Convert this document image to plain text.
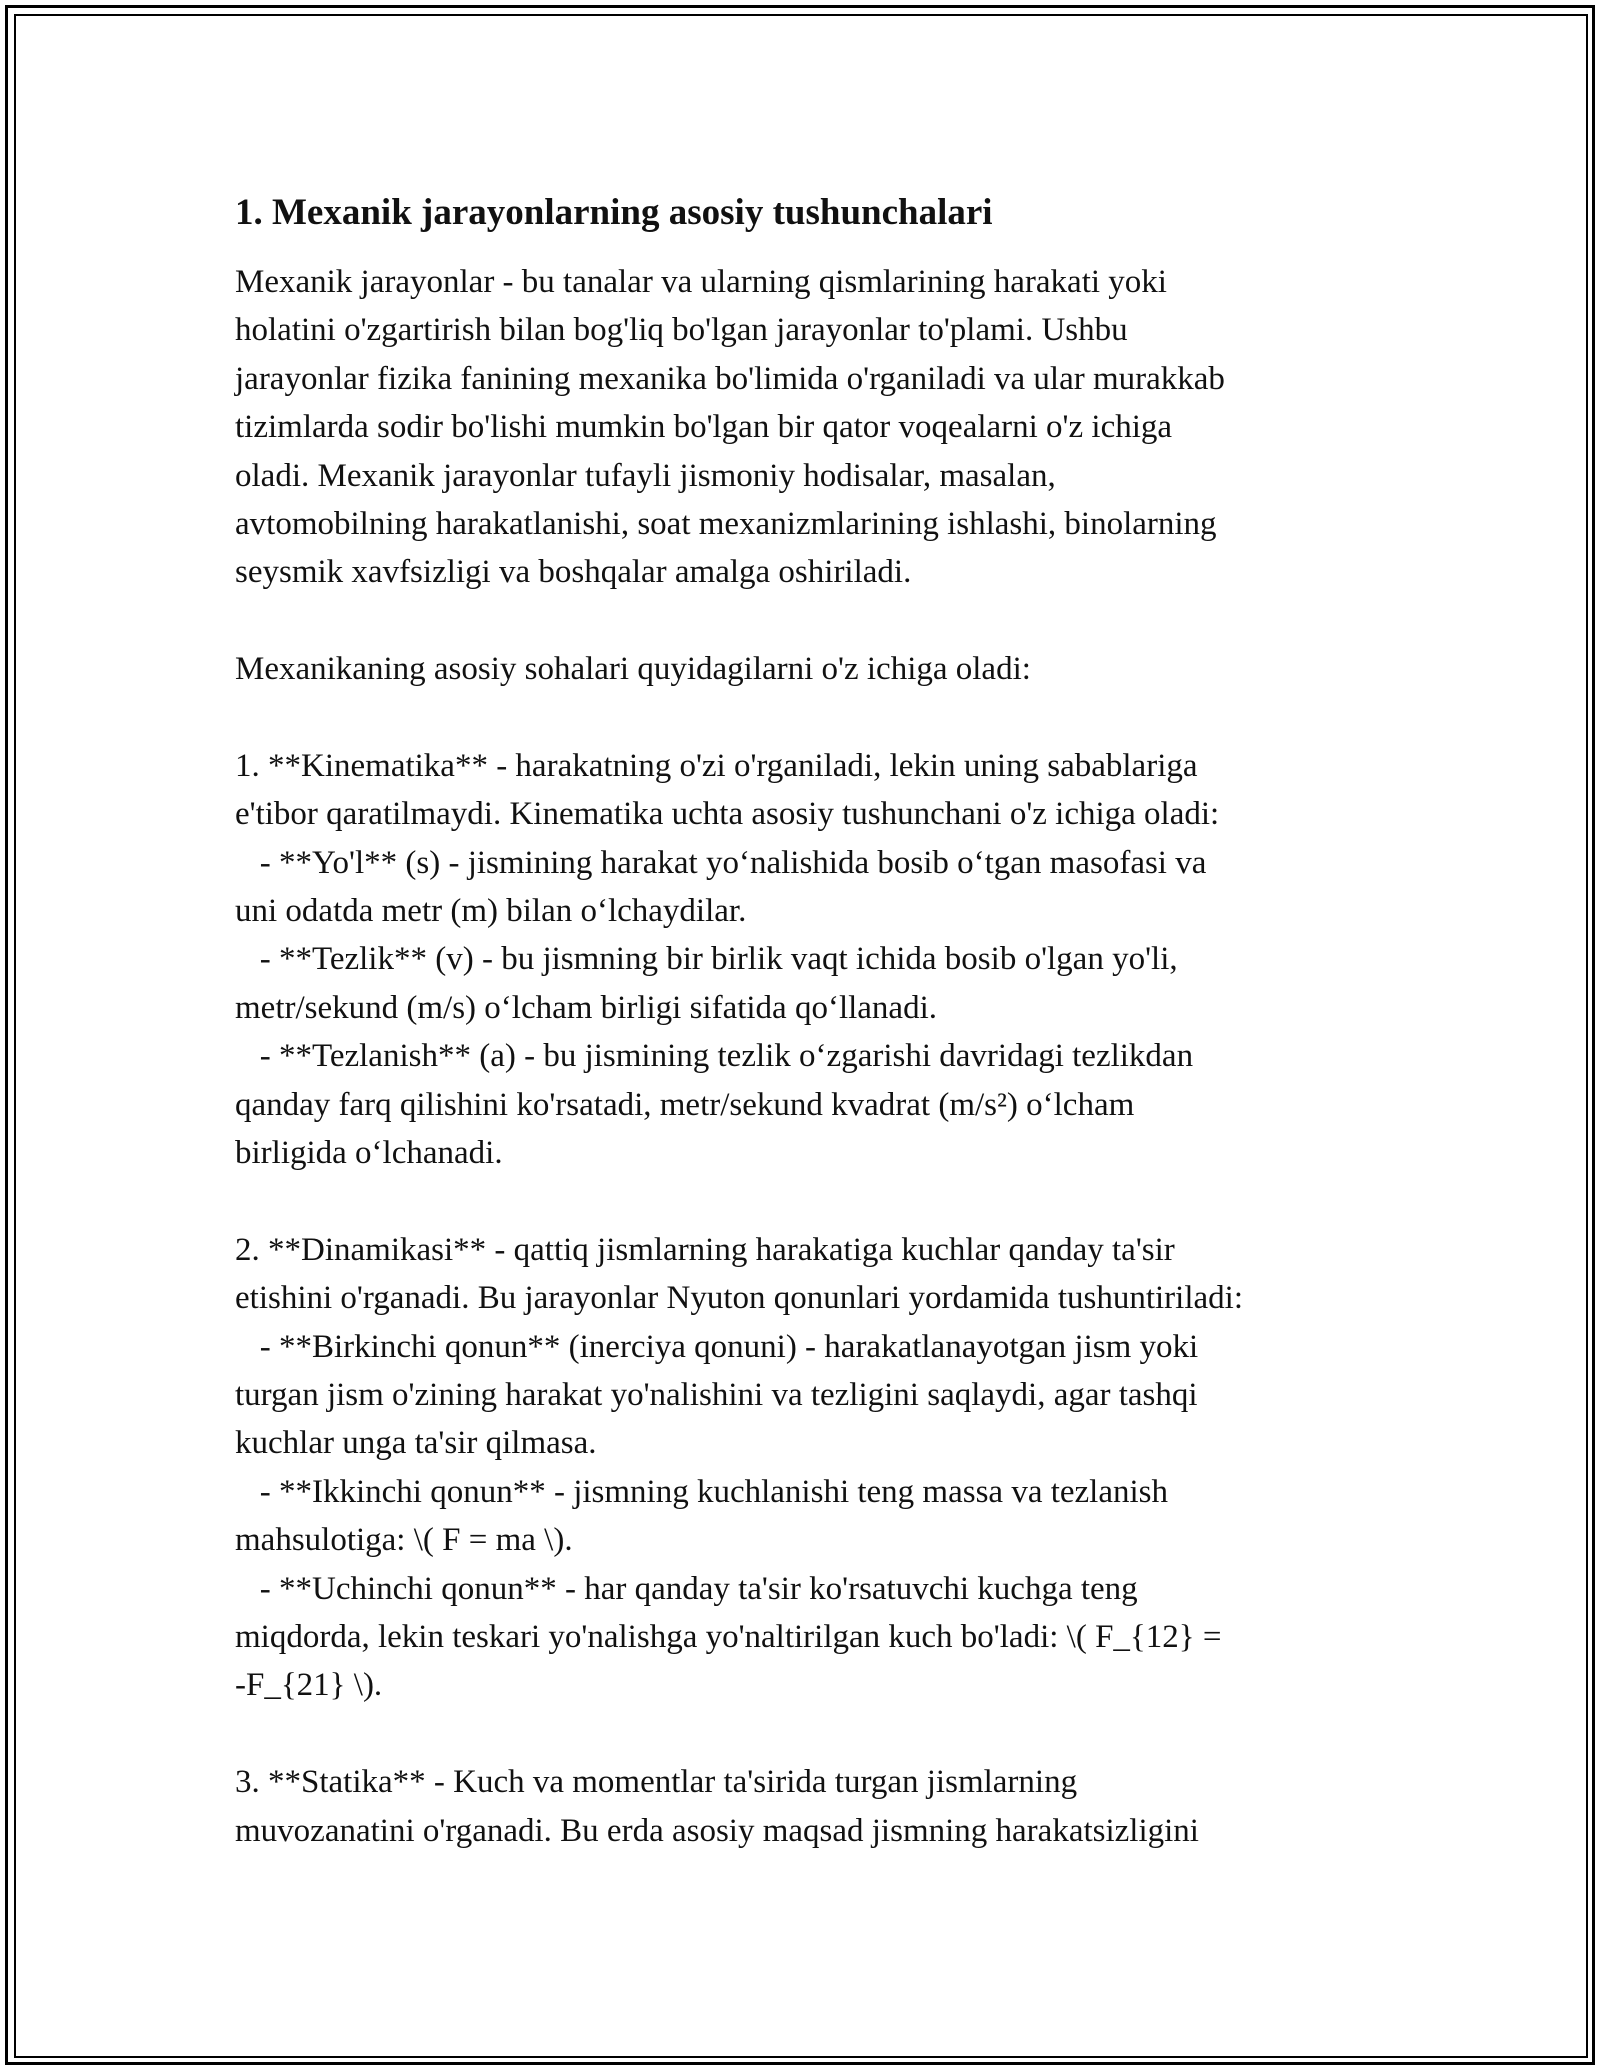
1. Mexanik jarayonlarning asosiy tushunchalari
Mexanik jarayonlar - bu tanalar va ularning qismlarining harakati yoki
holatini o'zgartirish bilan bog'liq bo'lgan jarayonlar to'plami. Ushbu
jarayonlar fizika fanining mexanika bo'limida o'rganiladi va ular murakkab
tizimlarda sodir bo'lishi mumkin bo'lgan bir qator voqealarni o'z ichiga
oladi. Mexanik jarayonlar tufayli jismoniy hodisalar, masalan,
avtomobilning harakatlanishi, soat mexanizmlarining ishlashi, binolarning
seysmik xavfsizligi va boshqalar amalga oshiriladi.
Mexanikaning asosiy sohalari quyidagilarni o'z ichiga oladi:
1. **Kinematika** - harakatning o'zi o'rganiladi, lekin uning sabablariga
e'tibor qaratilmaydi. Kinematika uchta asosiy tushunchani o'z ichiga oladi:
- **Yo'l** (s) - jismining harakat yo‘nalishida bosib o‘tgan masofasi va
uni odatda metr (m) bilan o‘lchaydilar.
- **Tezlik** (v) - bu jismning bir birlik vaqt ichida bosib o'lgan yo'li,
metr/sekund (m/s) o‘lcham birligi sifatida qo‘llanadi.
- **Tezlanish** (a) - bu jismining tezlik o‘zgarishi davridagi tezlikdan
qanday farq qilishini ko'rsatadi, metr/sekund kvadrat (m/s²) o‘lcham
birligida o‘lchanadi.
2. **Dinamikasi** - qattiq jismlarning harakatiga kuchlar qanday ta'sir
etishini o'rganadi. Bu jarayonlar Nyuton qonunlari yordamida tushuntiriladi:
- **Birkinchi qonun** (inerciya qonuni) - harakatlanayotgan jism yoki
turgan jism o'zining harakat yo'nalishini va tezligini saqlaydi, agar tashqi
kuchlar unga ta'sir qilmasa.
- **Ikkinchi qonun** - jismning kuchlanishi teng massa va tezlanish
mahsulotiga: \( F = ma \).
- **Uchinchi qonun** - har qanday ta'sir ko'rsatuvchi kuchga teng
miqdorda, lekin teskari yo'nalishga yo'naltirilgan kuch bo'ladi: \( F_{12} =
-F_{21} \).
3. **Statika** - Kuch va momentlar ta'sirida turgan jismlarning
muvozanatini o'rganadi. Bu erda asosiy maqsad jismning harakatsizligini
